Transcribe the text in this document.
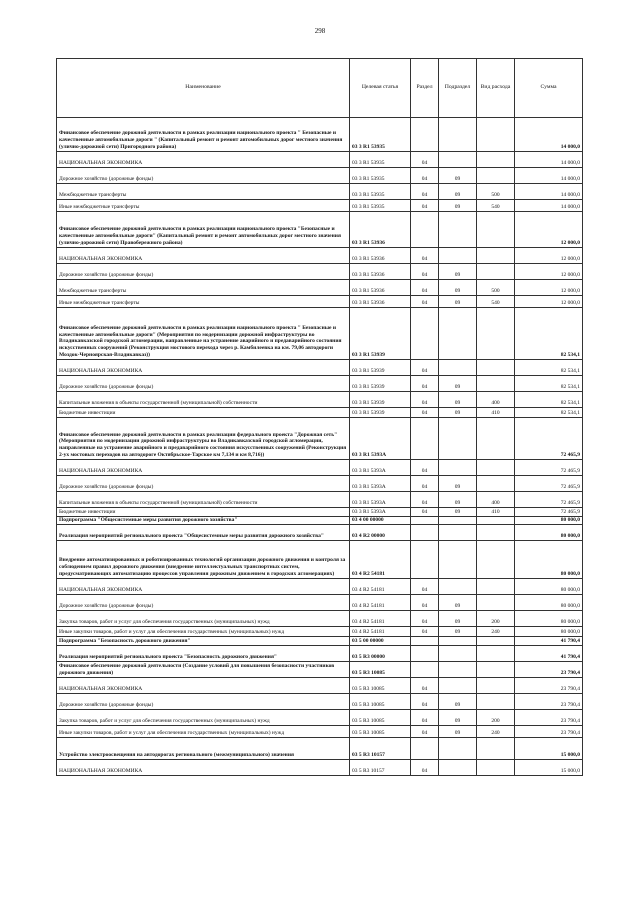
298
Наименование	Целевая статья	Раздел	Подраздел	Вид расхода	Сумма
Финансовое обеспечение дорожной деятельности в рамках реализации национального проекта " Безопасные и качественные автомобильные дороги " (Капитальный ремонт и ремонт автомобильных дорог местного значения (улично-дорожной сети) Пригородного района)	03 3 R1 53935				14 000,0
НАЦИОНАЛЬНАЯ ЭКОНОМИКА	03 3 R1 53935	04			14 000,0
Дорожное хозяйство (дорожные фонды)	03 3 R1 53935	04	09		14 000,0
Межбюджетные трансферты	03 3 R1 53935	04	09	500	14 000,0
Иные межбюджетные трансферты	03 3 R1 53935	04	09	540	14 000,0
Финансовое обеспечение дорожной деятельности в рамках реализации национального проекта "Безопасные и качественные автомобильные дороги" (Капитальный ремонт и ремонт автомобильных дорог местного значения (улично-дорожной сети) Правобережного района)	03 3 R1 53936				12 000,0
НАЦИОНАЛЬНАЯ ЭКОНОМИКА	03 3 R1 53936	04			12 000,0
Дорожное хозяйство (дорожные фонды)	03 3 R1 53936	04	09		12 000,0
Межбюджетные трансферты	03 3 R1 53936	04	09	500	12 000,0
Иные межбюджетные трансферты	03 3 R1 53936	04	09	540	12 000,0
Финансовое обеспечение дорожной деятельности в рамках реализации национального проекта " Безопасные и качественные автомобильные дороги" (Мероприятия по модернизации дорожной инфраструктуры во Владикавказской городской агломерации, направленные на устранение аварийного и предаварийного состояния искусственных сооружений (Реконструкция мостового перехода через р. Камбилеевка на км. 79,06 автодороги Моздок-Черноярская-Владикавказ))	03 3 R1 53939				82 534,1
НАЦИОНАЛЬНАЯ ЭКОНОМИКА	03 3 R1 53939	04			82 534,1
Дорожное хозяйство (дорожные фонды)	03 3 R1 53939	04	09		82 534,1
Капитальные вложения в объекты государственной (муниципальной) собственности	03 3 R1 53939	04	09	400	82 534,1
Бюджетные инвестиции	03 3 R1 53939	04	09	410	82 534,1
Финансовое обеспечение дорожной деятельности в рамках реализации федерального проекта "Дорожная сеть" (Мероприятия по модернизации дорожной инфраструктуры во Владикавказской городской агломерации, направленные на устранение аварийного и предаварийного состояния искусственных сооружений (Реконструкция 2-ух мостовых переходов на автодороге Октябрьское-Тарское км 7,134 и км 8,716))	03 3 R1 5393A				72 465,9
НАЦИОНАЛЬНАЯ ЭКОНОМИКА	03 3 R1 5393A	04			72 465,9
Дорожное хозяйство (дорожные фонды)	03 3 R1 5393A	04	09		72 465,9
Капитальные вложения в объекты государственной (муниципальной) собственности	03 3 R1 5393A	04	09	400	72 465,9
Бюджетные инвестиции	03 3 R1 5393A	04	09	410	72 465,9
Подпрограмма "Общесистемные меры развития дорожного хозяйства"	03 4 00 00000				80 000,0
Реализация мероприятий регионального проекта "Общесистемные меры развития дорожного хозяйства"	03 4 R2 00000				80 000,0
Внедрение автоматизированных и роботизированных технологий организации дорожного движения и контроля за соблюдением правил дорожного движения (внедрение интеллектуальных транспортных систем, предусматривающих автоматизацию процессов управления дорожным движением в городских агломерациях)	03 4 R2 54181				80 000,0
НАЦИОНАЛЬНАЯ ЭКОНОМИКА	03 4 R2 54181	04			80 000,0
Дорожное хозяйство (дорожные фонды)	03 4 R2 54181	04	09		80 000,0
Закупка товаров, работ и услуг для обеспечения государственных (муниципальных) нужд	03 4 R2 54181	04	09	200	80 000,0
Иные закупки товаров, работ и услуг для обеспечения государственных (муниципальных) нужд	03 4 R2 54181	04	09	240	80 000,0
Подпрограмма "Безопасность дорожного движения"	03 5 00 00000				41 790,4
Реализация мероприятий регионального проекта "Безопасность дорожного движения"	03 5 R3 00000				41 790,4
Финансовое обеспечение дорожной деятельности (Создание условий для повышения безопасности участников дорожного движения)	03 5 R3 10085				23 790,4
НАЦИОНАЛЬНАЯ ЭКОНОМИКА	03 5 R3 10085	04			23 790,4
Дорожное хозяйство (дорожные фонды)	03 5 R3 10085	04	09		23 790,4
Закупка товаров, работ и услуг для обеспечения государственных (муниципальных) нужд	03 5 R3 10085	04	09	200	23 790,4
Иные закупки товаров, работ и услуг для обеспечения государственных (муниципальных) нужд	03 5 R3 10085	04	09	240	23 790,4
Устройство электроосвещения на автодорогах регионального (межмуниципального) значения	03 5 R3 10157				15 000,0
НАЦИОНАЛЬНАЯ ЭКОНОМИКА	03 5 R3 10157	04			15 000,0
